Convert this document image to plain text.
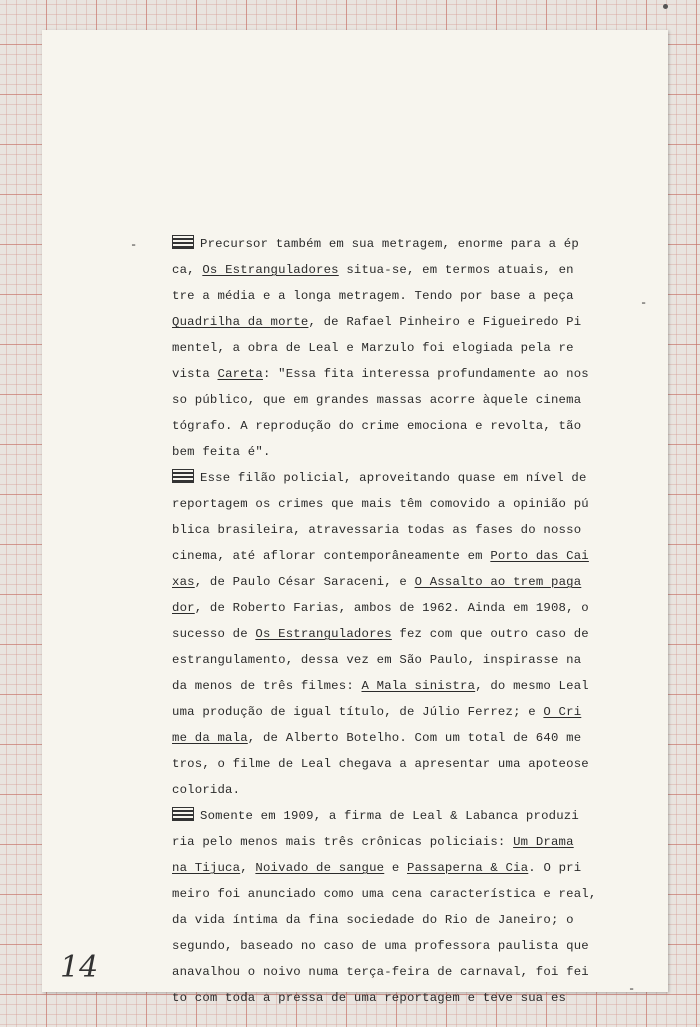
Precursor também em sua metragem, enorme para a ép
ca, Os Estranguladores situa-se, em termos atuais, en
tre a média e a longa metragem. Tendo por base a peça
Quadrilha da morte, de Rafael Pinheiro e Figueiredo Pi
mentel, a obra de Leal e Marzulo foi elogiada pela re
vista Careta: "Essa fita interessa profundamente ao nos
so público, que em grandes massas acorre àquele cinema
tógrafo. A reprodução do crime emociona e revolta, tão
bem feita é".
Esse filão policial, aproveitando quase em nível de
reportagem os crimes que mais têm comovido a opinião pú
blica brasileira, atravessaria todas as fases do nosso
cinema, até aflorar contemporâneamente em Porto das Cai
xas, de Paulo César Saraceni, e O Assalto ao trem paga
dor, de Roberto Farias, ambos de 1962. Ainda em 1908, o
sucesso de Os Estranguladores fez com que outro caso de
estrangulamento, dessa vez em São Paulo, inspirasse na
da menos de três filmes: A Mala sinistra, do mesmo Leal
uma produção de igual título, de Júlio Ferrez; e O Cri
me da mala, de Alberto Botelho. Com um total de 640 me
tros, o filme de Leal chegava a apresentar uma apoteose
colorida.
Somente em 1909, a firma de Leal & Labanca produzi
ria pelo menos mais três crônicas policiais: Um Drama
na Tijuca, Noivado de sangue e Passaperna & Cia. O pri
meiro foi anunciado como uma cena característica e real,
da vida íntima da fina sociedade do Rio de Janeiro; o
segundo, baseado no caso de uma professora paulista que
anavalhou o noivo numa terça-feira de carnaval, foi fei
to com toda a pressa de uma reportagem e teve sua es
14
-
-
-
